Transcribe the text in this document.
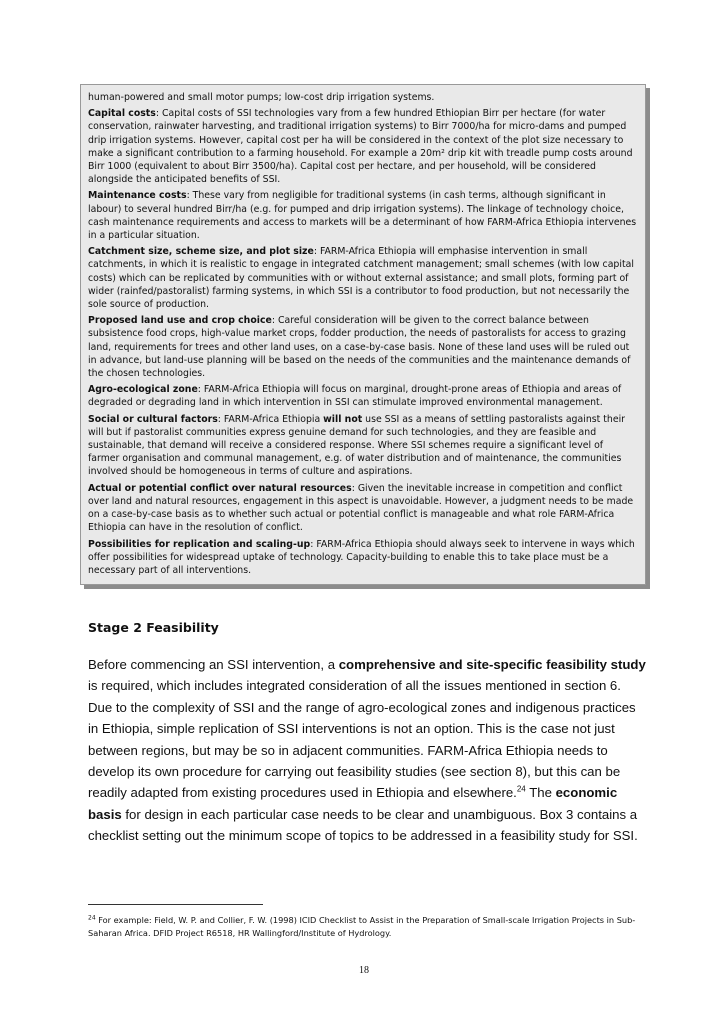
human-powered and small motor pumps; low-cost drip irrigation systems.

Capital costs: Capital costs of SSI technologies vary from a few hundred Ethiopian Birr per hectare (for water conservation, rainwater harvesting, and traditional irrigation systems) to Birr 7000/ha for micro-dams and pumped drip irrigation systems. However, capital cost per ha will be considered in the context of the plot size necessary to make a significant contribution to a farming household. For example a 20m² drip kit with treadle pump costs around Birr 1000 (equivalent to about Birr 3500/ha). Capital cost per hectare, and per household, will be considered alongside the anticipated benefits of SSI.

Maintenance costs: These vary from negligible for traditional systems (in cash terms, although significant in labour) to several hundred Birr/ha (e.g. for pumped and drip irrigation systems). The linkage of technology choice, cash maintenance requirements and access to markets will be a determinant of how FARM-Africa Ethiopia intervenes in a particular situation.

Catchment size, scheme size, and plot size: FARM-Africa Ethiopia will emphasise intervention in small catchments, in which it is realistic to engage in integrated catchment management; small schemes (with low capital costs) which can be replicated by communities with or without external assistance; and small plots, forming part of wider (rainfed/pastoralist) farming systems, in which SSI is a contributor to food production, but not necessarily the sole source of production.

Proposed land use and crop choice: Careful consideration will be given to the correct balance between subsistence food crops, high-value market crops, fodder production, the needs of pastoralists for access to grazing land, requirements for trees and other land uses, on a case-by-case basis. None of these land uses will be ruled out in advance, but land-use planning will be based on the needs of the communities and the maintenance demands of the chosen technologies.

Agro-ecological zone: FARM-Africa Ethiopia will focus on marginal, drought-prone areas of Ethiopia and areas of degraded or degrading land in which intervention in SSI can stimulate improved environmental management.

Social or cultural factors: FARM-Africa Ethiopia will not use SSI as a means of settling pastoralists against their will but if pastoralist communities express genuine demand for such technologies, and they are feasible and sustainable, that demand will receive a considered response. Where SSI schemes require a significant level of farmer organisation and communal management, e.g. of water distribution and of maintenance, the communities involved should be homogeneous in terms of culture and aspirations.

Actual or potential conflict over natural resources: Given the inevitable increase in competition and conflict over land and natural resources, engagement in this aspect is unavoidable. However, a judgment needs to be made on a case-by-case basis as to whether such actual or potential conflict is manageable and what role FARM-Africa Ethiopia can have in the resolution of conflict.

Possibilities for replication and scaling-up: FARM-Africa Ethiopia should always seek to intervene in ways which offer possibilities for widespread uptake of technology. Capacity-building to enable this to take place must be a necessary part of all interventions.

Stage 2 Feasibility

Before commencing an SSI intervention, a comprehensive and site-specific feasibility study is required, which includes integrated consideration of all the issues mentioned in section 6. Due to the complexity of SSI and the range of agro-ecological zones and indigenous practices in Ethiopia, simple replication of SSI interventions is not an option. This is the case not just between regions, but may be so in adjacent communities. FARM-Africa Ethiopia needs to develop its own procedure for carrying out feasibility studies (see section 8), but this can be readily adapted from existing procedures used in Ethiopia and elsewhere.$^{24}$ The economic basis for design in each particular case needs to be clear and unambiguous. Box 3 contains a checklist setting out the minimum scope of topics to be addressed in a feasibility study for SSI.

$^{24}$ For example: Field, W. P. and Collier, F. W. (1998) ICID Checklist to Assist in the Preparation of Small-scale Irrigation Projects in Sub-Saharan Africa. DFID Project R6518, HR Wallingford/Institute of Hydrology.

18
